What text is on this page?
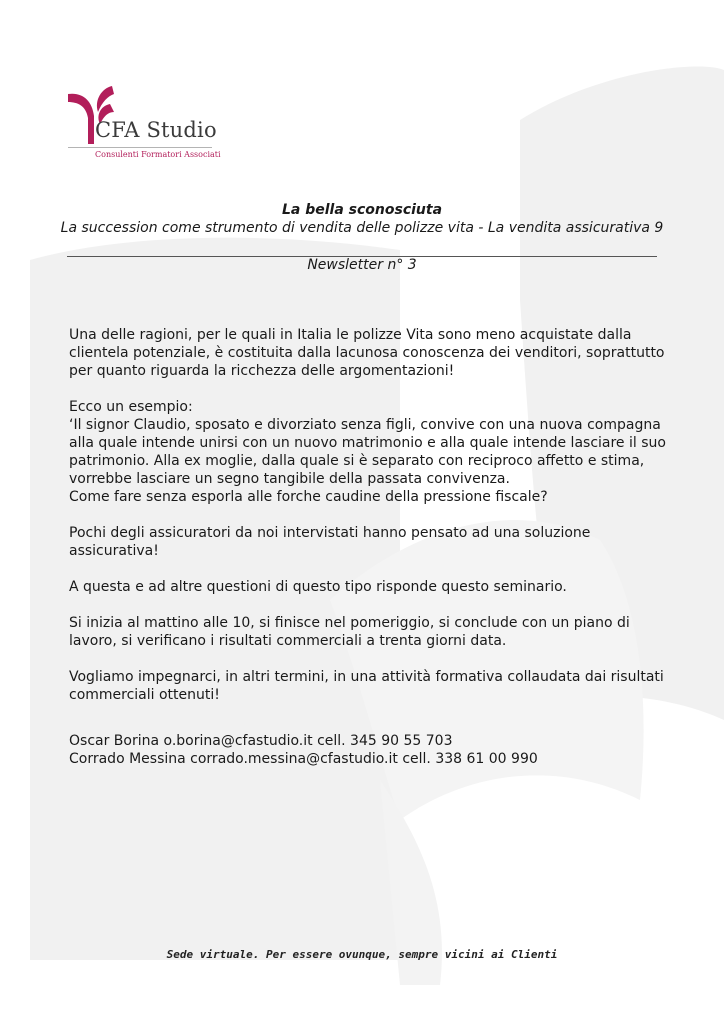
CFA Studio
Consulenti Formatori Associati
La bella sconosciuta
La succession come strumento di vendita delle polizze vita - La vendita assicurativa 9
Newsletter n° 3

Una delle ragioni, per le quali in Italia le polizze Vita sono meno acquistate dalla clientela potenziale, è costituita dalla lacunosa conoscenza dei venditori, soprattutto per quanto riguarda la ricchezza delle argomentazioni!

Ecco un esempio:

‘Il signor Claudio, sposato e divorziato senza figli, convive con una nuova compagna alla quale intende unirsi con un nuovo matrimonio e alla quale intende lasciare il suo patrimonio. Alla ex moglie, dalla quale si è separato con reciproco affetto e stima, vorrebbe lasciare un segno tangibile della passata convivenza.

Come fare senza esporla alle forche caudine della pressione fiscale?

Pochi degli assicuratori da noi intervistati hanno pensato ad una soluzione assicurativa!

A questa e ad altre questioni di questo tipo risponde questo seminario.

Si inizia al mattino alle 10, si finisce nel pomeriggio, si conclude con un piano di lavoro, si verificano i risultati commerciali a trenta giorni data.

Vogliamo impegnarci, in altri termini, in una attività formativa collaudata dai risultati commerciali ottenuti!

Oscar Borina o.borina@cfastudio.it cell. 345 90 55 703

Corrado Messina corrado.messina@cfastudio.it cell. 338 61 00 990

Sede virtuale. Per essere ovunque, sempre vicini ai Clienti
